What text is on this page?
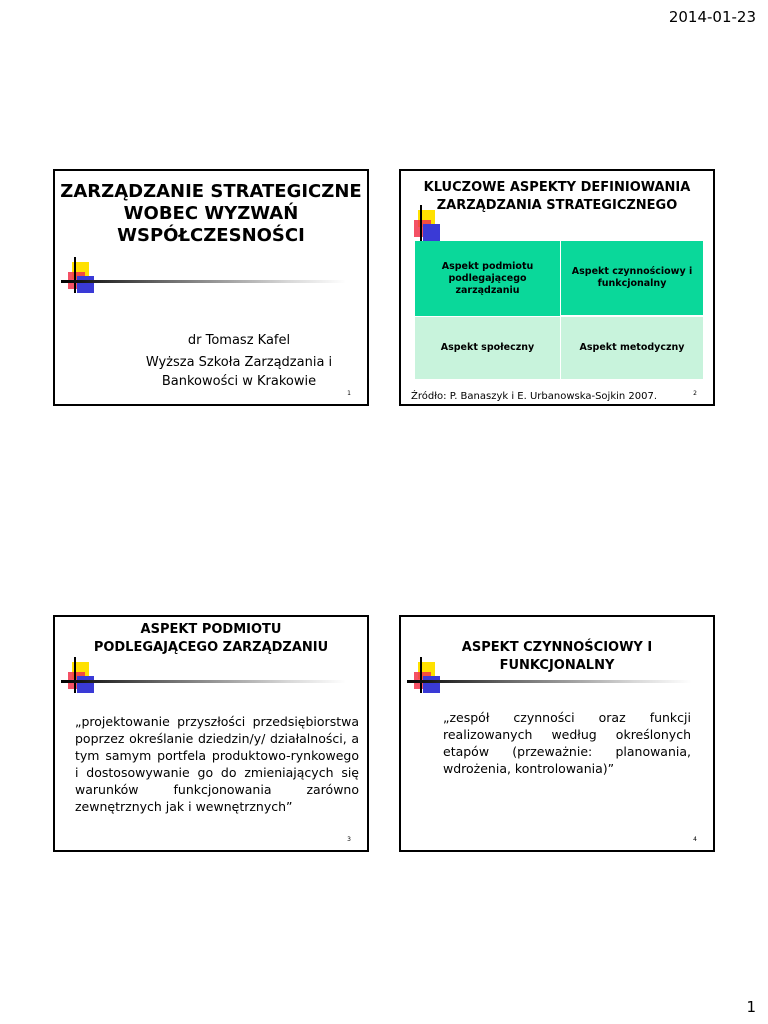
2014-01-23
ZARZĄDZANIE STRATEGICZNE
WOBEC WYZWAŃ
WSPÓŁCZESNOŚCI

dr Tomasz Kafel

Wyższa Szkoła Zarządzania i Bankowości w Krakowie

1
KLUCZOWE ASPEKTY DEFINIOWANIA
ZARZĄDZANIA STRATEGICZNEGO
Aspekt podmiotu
podlegającego
zarządzaniu
Aspekt czynnościowy i
funkcjonalny
Aspekt społeczny	Aspekt metodyczny
Źródło: P. Banaszyk i E. Urbanowska-Sojkin 2007.	2
ASPEKT PODMIOTU
PODLEGAJĄCEGO ZARZĄDZANIU
„projektowanie przyszłości przedsiębiorstwa poprzez określanie dziedzin/y/ działalności, a tym samym portfela produktowo-rynkowego i dostosowywanie go do zmieniających się warunków funkcjonowania zarówno zewnętrznych jak i wewnętrznych”
3
ASPEKT CZYNNOŚCIOWY I
FUNKCJONALNY
„zespół czynności oraz funkcji realizowanych według określonych etapów (przeważnie: planowania, wdrożenia, kontrolowania)”
4
1
